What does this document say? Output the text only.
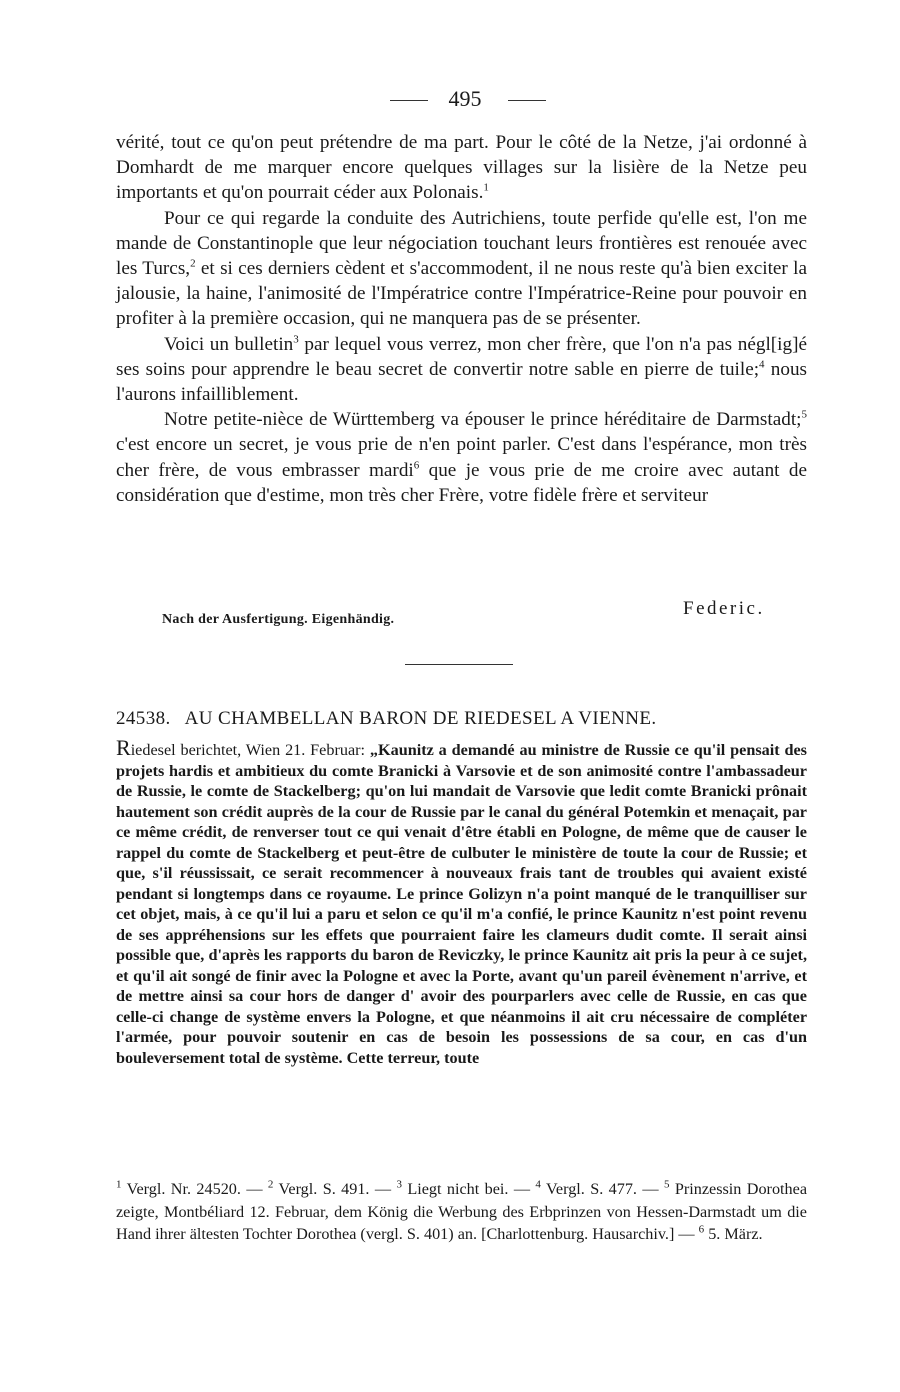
495

vérité, tout ce qu'on peut prétendre de ma part. Pour le côté de la Netze, j'ai ordonné à Domhardt de me marquer encore quelques villages sur la lisière de la Netze peu importants et qu'on pourrait céder aux Polonais.$^1$

Pour ce qui regarde la conduite des Autrichiens, toute perfide qu'elle est, l'on me mande de Constantinople que leur négociation touchant leurs frontières est renouée avec les Turcs,$^2$ et si ces derniers cèdent et s'accommodent, il ne nous reste qu'à bien exciter la jalousie, la haine, l'animosité de l'Impératrice contre l'Impératrice-Reine pour pouvoir en profiter à la première occasion, qui ne manquera pas de se présenter.

Voici un bulletin$^3$ par lequel vous verrez, mon cher frère, que l'on n'a pas négl[ig]é ses soins pour apprendre le beau secret de convertir notre sable en pierre de tuile;$^4$ nous l'aurons infailliblement.

Notre petite-nièce de Württemberg va épouser le prince héréditaire de Darmstadt;$^5$ c'est encore un secret, je vous prie de n'en point parler. C'est dans l'espérance, mon très cher frère, de vous embrasser mardi$^6$ que je vous prie de me croire avec autant de considération que d'estime, mon très cher Frère, votre fidèle frère et serviteur

Federic.
Nach der Ausfertigung. Eigenhändig.
24538. AU CHAMBELLAN BARON DE RIEDESEL A VIENNE.

Riedesel berichtet, Wien 21. Februar: „Kaunitz a demandé au ministre de Russie ce qu'il pensait des projets hardis et ambitieux du comte Branicki à Varsovie et de son animosité contre l'ambassadeur de Russie, le comte de Stackelberg; qu'on lui mandait de Varsovie que ledit comte Branicki prônait hautement son crédit auprès de la cour de Russie par le canal du général Potemkin et menaçait, par ce même crédit, de renverser tout ce qui venait d'être établi en Pologne, de même que de causer le rappel du comte de Stackelberg et peut-être de culbuter le ministère de toute la cour de Russie; et que, s'il réussissait, ce serait recommencer à nouveaux frais tant de troubles qui avaient existé pendant si longtemps dans ce royaume. Le prince Golizyn n'a point manqué de le tranquilliser sur cet objet, mais, à ce qu'il lui a paru et selon ce qu'il m'a confié, le prince Kaunitz n'est point revenu de ses appréhensions sur les effets que pourraient faire les clameurs dudit comte. Il serait ainsi possible que, d'après les rapports du baron de Reviczky, le prince Kaunitz ait pris la peur à ce sujet, et qu'il ait songé de finir avec la Pologne et avec la Porte, avant qu'un pareil évènement n'arrive, et de mettre ainsi sa cour hors de danger d' avoir des pourparlers avec celle de Russie, en cas que celle-ci change de système envers la Pologne, et que néanmoins il ait cru nécessaire de compléter l'armée, pour pouvoir soutenir en cas de besoin les possessions de sa cour, en cas d'un bouleversement total de système. Cette terreur, toute

$^1$ Vergl. Nr. 24520. — $^2$ Vergl. S. 491. — $^3$ Liegt nicht bei. — $^4$ Vergl. S. 477. — $^5$ Prinzessin Dorothea zeigte, Montbéliard 12. Februar, dem König die Werbung des Erbprinzen von Hessen-Darmstadt um die Hand ihrer ältesten Tochter Dorothea (vergl. S. 401) an. [Charlottenburg. Hausarchiv.] — $^6$ 5. März.
